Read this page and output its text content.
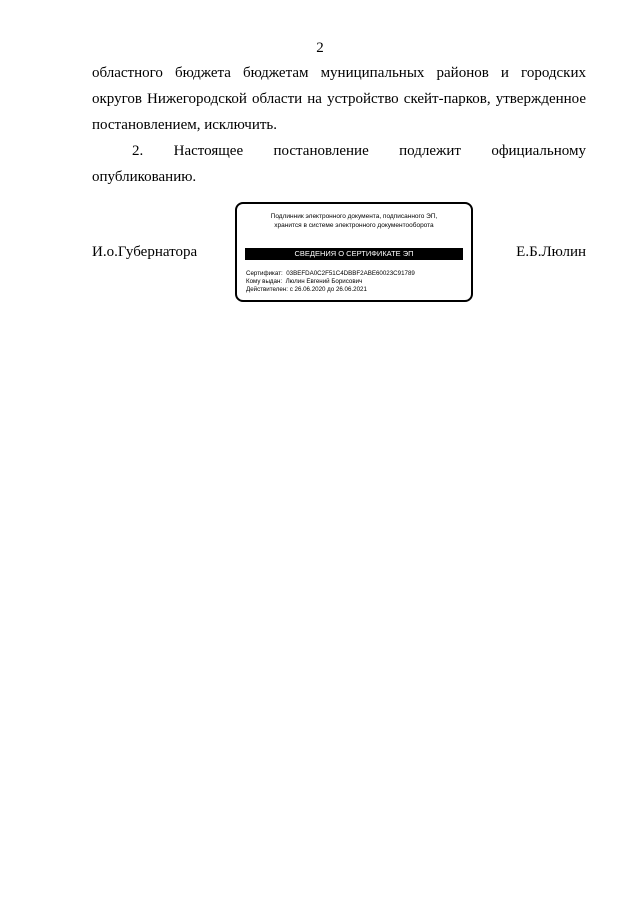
2
областного бюджета бюджетам муниципальных районов и городских
округов Нижегородской области на устройство скейт-парков, утвержденное
постановлением, исключить.
2. Настоящее постановление подлежит официальному
опубликованию.
И.о.Губернатора
Подлинник электронного документа, подписанного ЭП,
хранится в системе электронного документооборота
СВЕДЕНИЯ О СЕРТИФИКАТЕ ЭП
Сертификат: 03BEFDA0C2F51C4DBBF2ABE60023C91789
Кому выдан: Люлин Евгений Борисович
Действителен: с 26.06.2020 до 26.06.2021
Е.Б.Люлин
